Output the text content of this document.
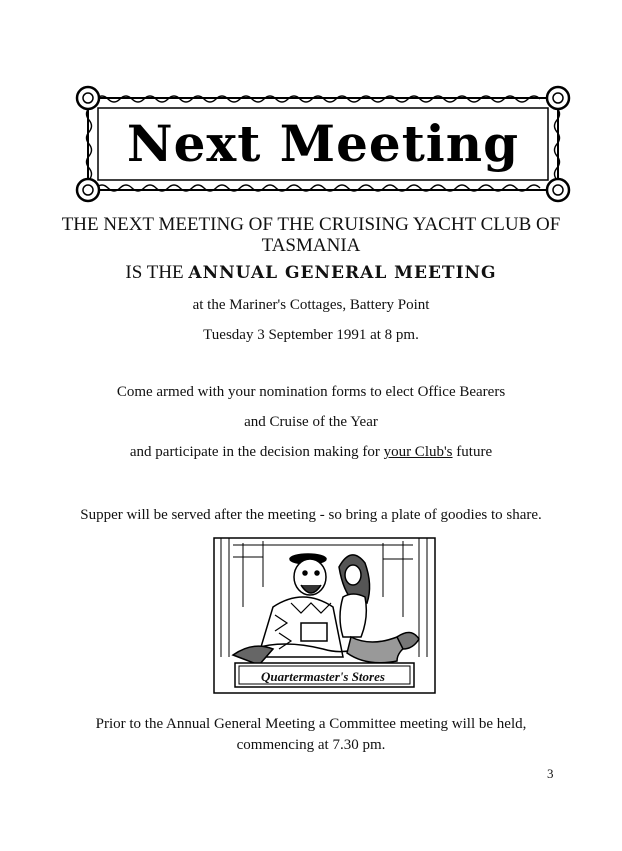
Next Meeting
THE NEXT MEETING OF THE CRUISING YACHT CLUB OF
TASMANIA
IS THE ANNUAL GENERAL MEETING
at the Mariner's Cottages, Battery Point
Tuesday 3 September 1991 at 8 pm.
Come armed with your nomination forms to elect Office Bearers
and Cruise of the Year
and participate in the decision making for your Club's future
Supper will be served after the meeting - so bring a plate of goodies to share.
Quartermaster's Stores
Prior to the Annual General Meeting a Committee meeting will be held,
commencing at 7.30 pm.
3
